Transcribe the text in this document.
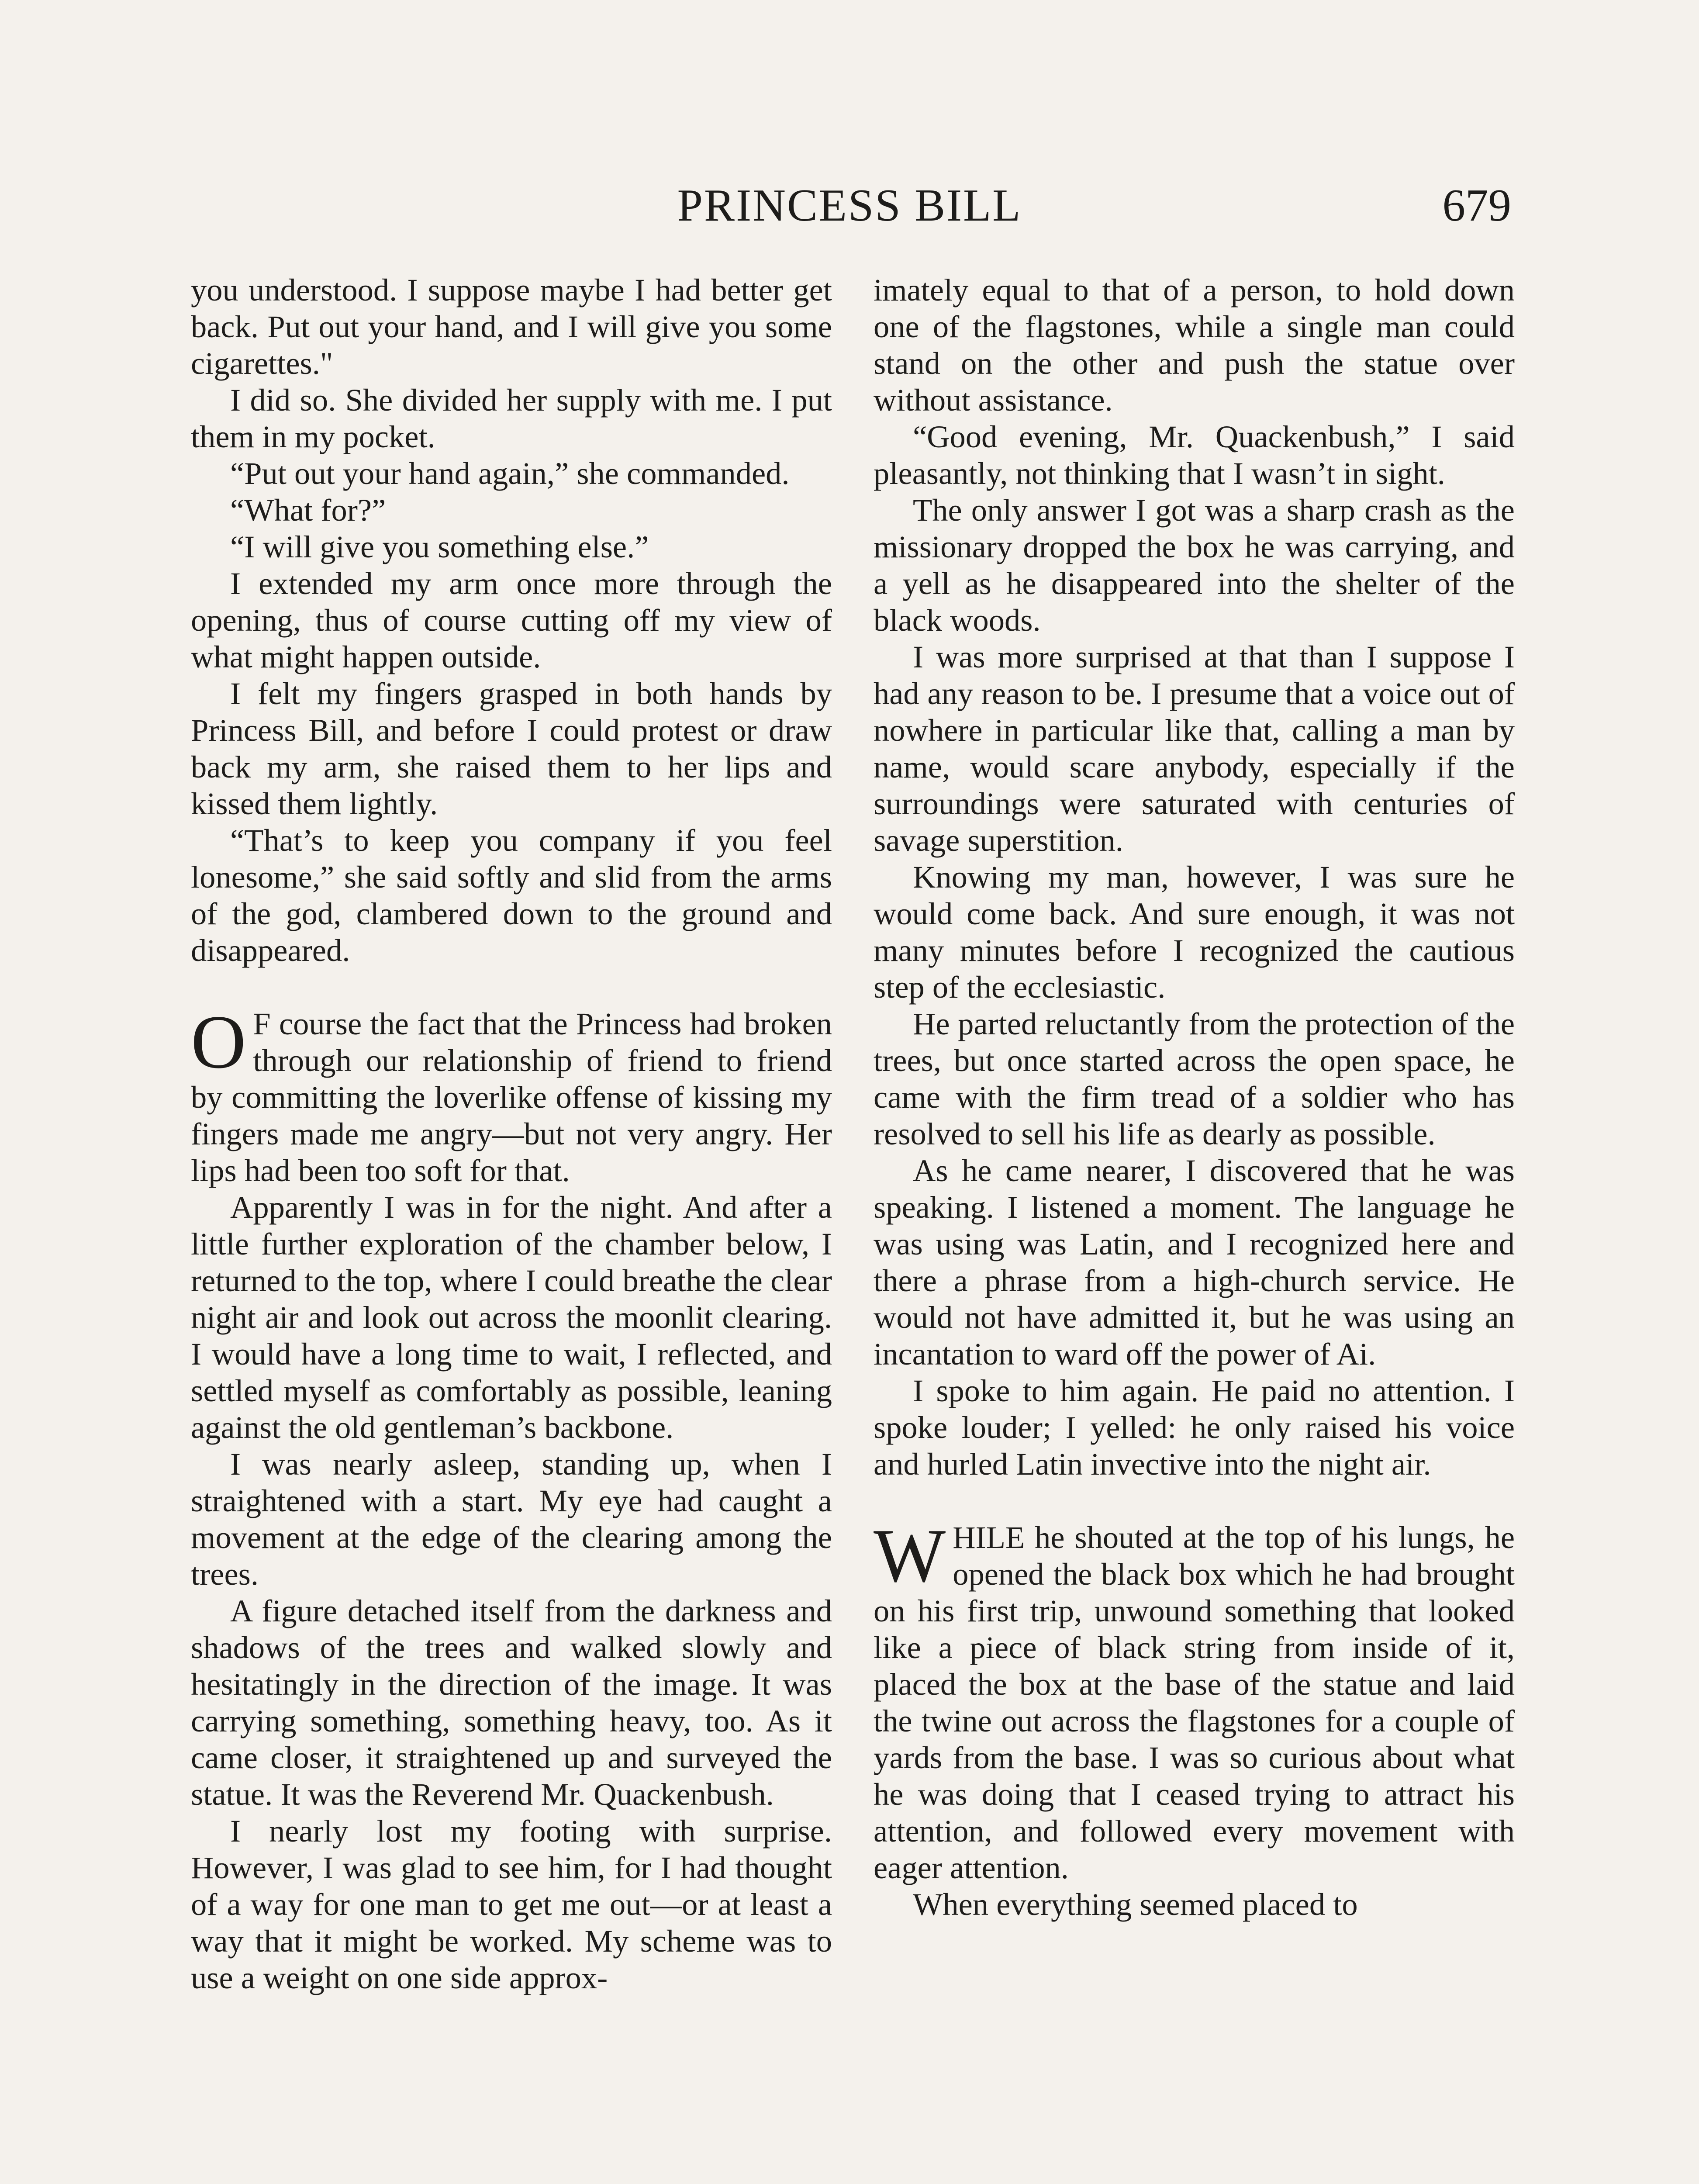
PRINCESS BILL	679

you understood. I suppose maybe I had better get back. Put out your hand, and I will give you some cigarettes."

I did so. She divided her supply with me. I put them in my pocket.

“Put out your hand again,” she commanded.

“What for?”

“I will give you something else.”

I extended my arm once more through the opening, thus of course cutting off my view of what might happen outside.

I felt my fingers grasped in both hands by Princess Bill, and before I could protest or draw back my arm, she raised them to her lips and kissed them lightly.

“That’s to keep you company if you feel lonesome,” she said softly and slid from the arms of the god, clambered down to the ground and disappeared.

O F course the fact that the Princess had broken through our relationship of friend to friend by committing the loverlike offense of kissing my fingers made me angry—but not very angry. Her lips had been too soft for that.

Apparently I was in for the night. And after a little further exploration of the chamber below, I returned to the top, where I could breathe the clear night air and look out across the moonlit clearing. I would have a long time to wait, I reflected, and settled myself as comfortably as possible, leaning against the old gentleman’s backbone.

I was nearly asleep, standing up, when I straightened with a start. My eye had caught a movement at the edge of the clearing among the trees.

A figure detached itself from the darkness and shadows of the trees and walked slowly and hesitatingly in the direction of the image. It was carrying something, something heavy, too. As it came closer, it straightened up and surveyed the statue. It was the Reverend Mr. Quackenbush.

I nearly lost my footing with surprise. However, I was glad to see him, for I had thought of a way for one man to get me out—or at least a way that it might be worked. My scheme was to use a weight on one side approx-

imately equal to that of a person, to hold down one of the flagstones, while a single man could stand on the other and push the statue over without assistance.

“Good evening, Mr. Quackenbush,” I said pleasantly, not thinking that I wasn’t in sight.

The only answer I got was a sharp crash as the missionary dropped the box he was carrying, and a yell as he disappeared into the shelter of the black woods.

I was more surprised at that than I suppose I had any reason to be. I presume that a voice out of nowhere in particular like that, calling a man by name, would scare anybody, especially if the surroundings were saturated with centuries of savage superstition.

Knowing my man, however, I was sure he would come back. And sure enough, it was not many minutes before I recognized the cautious step of the ecclesiastic.

He parted reluctantly from the protection of the trees, but once started across the open space, he came with the firm tread of a soldier who has resolved to sell his life as dearly as possible.

As he came nearer, I discovered that he was speaking. I listened a moment. The language he was using was Latin, and I recognized here and there a phrase from a high-church service. He would not have admitted it, but he was using an incantation to ward off the power of Ai.

I spoke to him again. He paid no attention. I spoke louder; I yelled: he only raised his voice and hurled Latin invective into the night air.

WHILE he shouted at the top of his lungs, he opened the black box which he had brought on his first trip, unwound something that looked like a piece of black string from inside of it, placed the box at the base of the statue and laid the twine out across the flagstones for a couple of yards from the base. I was so curious about what he was doing that I ceased trying to attract his attention, and followed every movement with eager attention.

When everything seemed placed to
